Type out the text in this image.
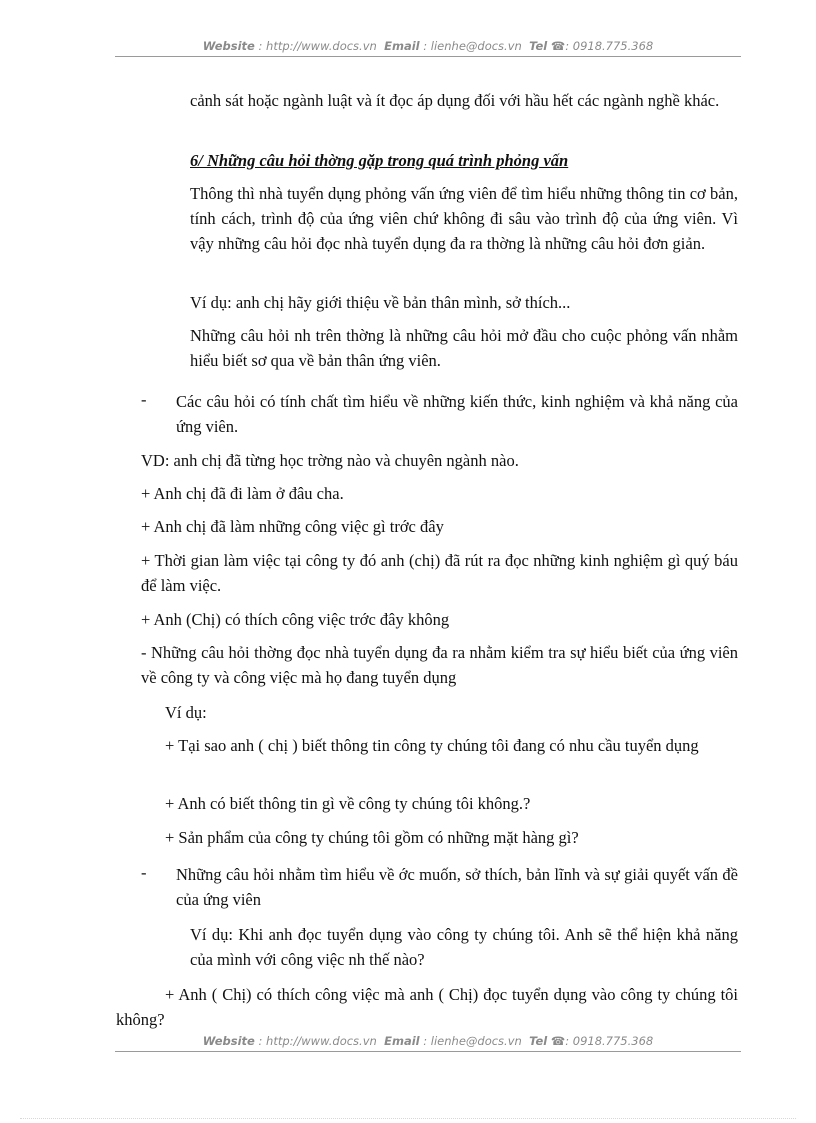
Website : http://www.docs.vn Email : lienhe@docs.vn Tel ☎: 0918.775.368

cảnh sát hoặc ngành luật và ít đọc áp dụng đối với hầu hết các ngành nghề khác.

6/ Những câu hỏi thờng gặp trong quá trình phỏng vấn

Thông thì nhà tuyển dụng phỏng vấn ứng viên để tìm hiểu những thông tin cơ bản, tính cách, trình độ của ứng viên chứ không đi sâu vào trình độ của ứng viên. Vì vậy những câu hỏi đọc nhà tuyển dụng đa ra thờng là những câu hỏi đơn giản.

Ví dụ: anh chị hãy giới thiệu về bản thân mình, sở thích...

Những câu hỏi nh trên thờng là những câu hỏi mở đầu cho cuộc phỏng vấn nhằm hiểu biết sơ qua về bản thân ứng viên.

- Các câu hỏi có tính chất tìm hiểu về những kiến thức, kinh nghiệm và khả năng của ứng viên.

VD: anh chị đã từng học trờng nào và chuyên ngành nào.

+ Anh chị đã đi làm ở đâu cha.

+ Anh chị đã làm những công việc gì trớc đây

+ Thời gian làm việc tại công ty đó anh (chị) đã rút ra đọc những kinh nghiệm gì quý báu để làm việc.

+ Anh (Chị) có thích công việc trớc đây không

- Những câu hỏi thờng đọc nhà tuyển dụng đa ra nhằm kiểm tra sự hiểu biết của ứng viên về công ty và công việc mà họ đang tuyển dụng

Ví dụ:

+ Tại sao anh ( chị ) biết thông tin công ty chúng tôi đang có nhu cầu tuyển dụng

+ Anh có biết thông tin gì về công ty chúng tôi không.?

+ Sản phẩm của công ty chúng tôi gồm có những mặt hàng gì?

- Những câu hỏi nhằm tìm hiểu về ớc muốn, sở thích, bản lĩnh và sự giải quyết vấn đề của ứng viên

Ví dụ: Khi anh đọc tuyển dụng vào công ty chúng tôi. Anh sẽ thể hiện khả năng của mình với công việc nh thế nào?

+ Anh ( Chị) có thích công việc mà anh ( Chị) đọc tuyển dụng vào công ty chúng tôi không?

Website : http://www.docs.vn Email : lienhe@docs.vn Tel ☎: 0918.775.368
